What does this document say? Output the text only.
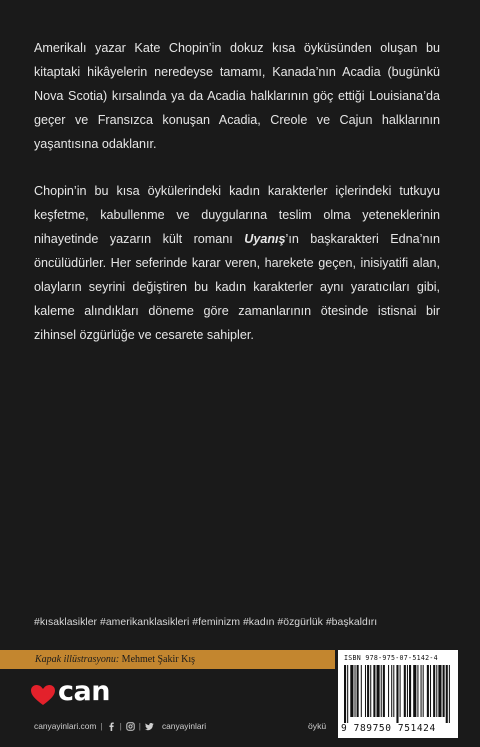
Amerikalı yazar Kate Chopin’in dokuz kısa öyküsünden oluşan bu kitaptaki hikâyelerin neredeyse tamamı, Kanada’nın Acadia (bugünkü Nova Scotia) kırsalında ya da Acadia halklarının göç ettiği Louisiana’da geçer ve Fransızca konuşan Acadia, Creole ve Cajun halklarının yaşantısına odaklanır.

Chopin’in bu kısa öykülerindeki kadın karakterler içlerindeki tutkuyu keşfetme, kabullenme ve duygularına teslim olma yeteneklerinin nihayetinde yazarın kült romanı Uyanış’ın başkarakteri Edna’nın öncülüdürler. Her seferinde karar veren, harekete geçen, inisiyatifi alan, olayların seyrini değiştiren bu kadın karakterler aynı yaratıcıları gibi, kaleme alındıkları döneme göre zamanlarının ötesinde istisnai bir zihinsel özgürlüğe ve cesarete sahipler.

#kısaklasikler #amerikanklasikleri #feminizm #kadın #özgürlük #başkaldırı
Kapak illüstrasyonu: Mehmet Şakir Kış
can
canyayinlari.com | | |	canyayinlari	öykü
ISBN 978-975-07-5142-4
9 789750 751424
